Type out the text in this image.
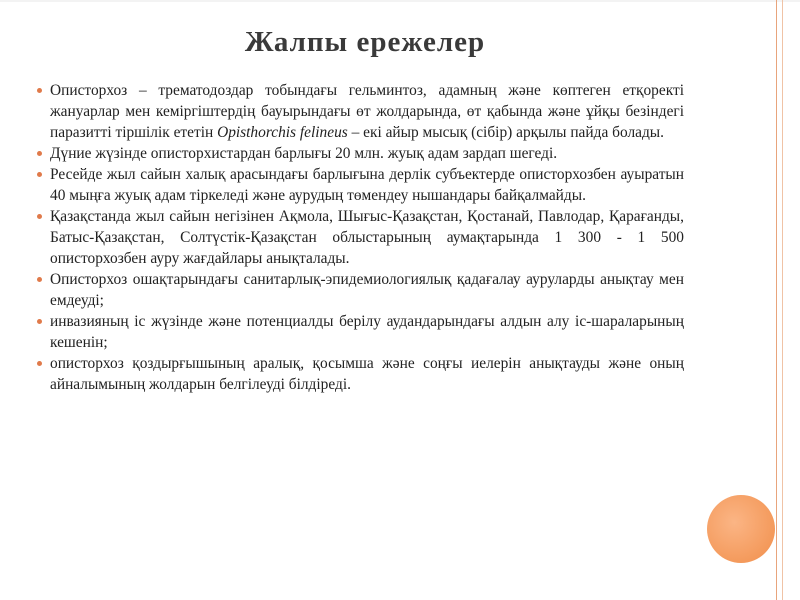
Жалпы ережелер

Описторхоз – трематодоздар тобындағы гельминтоз, адамның және көптеген етқоректі жануарлар мен кеміргіштердің бауырындағы өт жолдарында, өт қабында және ұйқы безіндегі паразитті тіршілік ететін Opisthorchis felineus – екі айыр мысық (сібір) арқылы пайда болады.

Дүние жүзінде описторхистардан барлығы 20 млн. жуық адам зардап шегеді.

Ресейде жыл сайын халық арасындағы барлығына дерлік субъектерде описторхозбен ауыратын 40 мыңға жуық адам тіркеледі және аурудың төмендеу нышандары байқалмайды.

Қазақстанда жыл сайын негізінен Ақмола, Шығыс-Қазақстан, Қостанай, Павлодар, Қарағанды, Батыс-Қазақстан, Солтүстік-Қазақстан облыстарының аумақтарында 1 300 - 1 500 описторхозбен ауру жағдайлары анықталады.

Описторхоз ошақтарындағы санитарлық-эпидемиологиялық қадағалау ауруларды анықтау мен емдеуді;

инвазияның іс жүзінде және потенциалды берілу аудандарындағы алдын алу іс-шараларының кешенін;

описторхоз қоздырғышының аралық, қосымша және соңғы иелерін анықтауды және оның айналымының жолдарын белгілеуді білдіреді.
